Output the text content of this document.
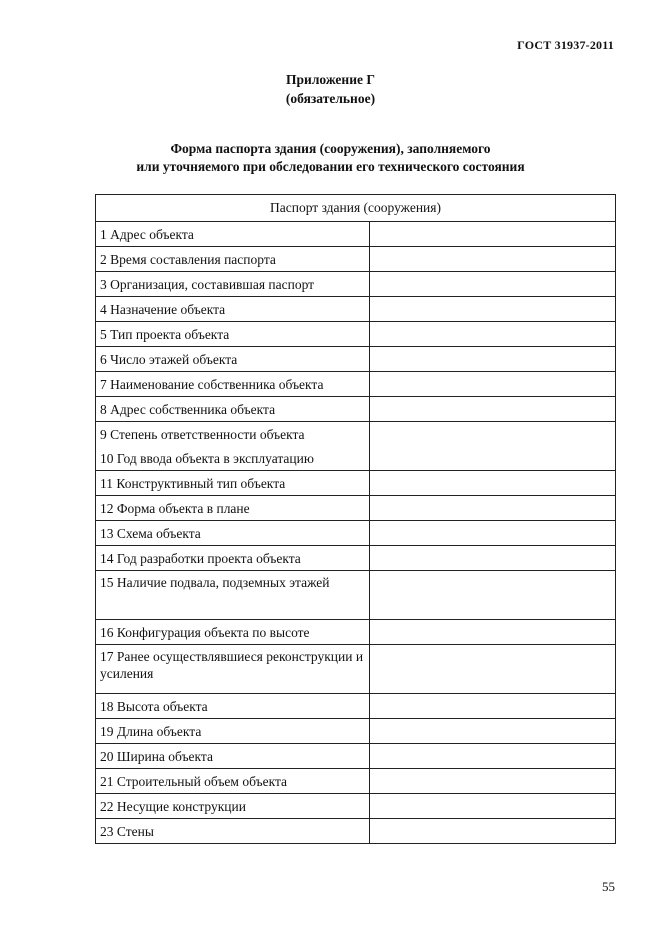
ГОСТ 31937-2011
Приложение Г
(обязательное)
Форма паспорта здания (сооружения), заполняемого
или уточняемого при обследовании его технического состояния
Паспорт здания (сооружения)	
1 Адрес объекта	
2 Время составления паспорта	
3 Организация, составившая паспорт	
4 Назначение объекта	
5 Тип проекта объекта	
6 Число этажей объекта	
7 Наименование собственника объекта	
8 Адрес собственника объекта	
9 Степень ответственности объекта	
10 Год ввода объекта в эксплуатацию	
11 Конструктивный тип объекта	
12 Форма объекта в плане	
13 Схема объекта	
14 Год разработки проекта объекта	
15 Наличие подвала, подземных этажей	
16 Конфигурация объекта по высоте	
17 Ранее осуществлявшиеся реконструкции и усиления	
18 Высота объекта	
19 Длина объекта	
20 Ширина объекта	
21 Строительный объем объекта	
22 Несущие конструкции	
23 Стены	
55
